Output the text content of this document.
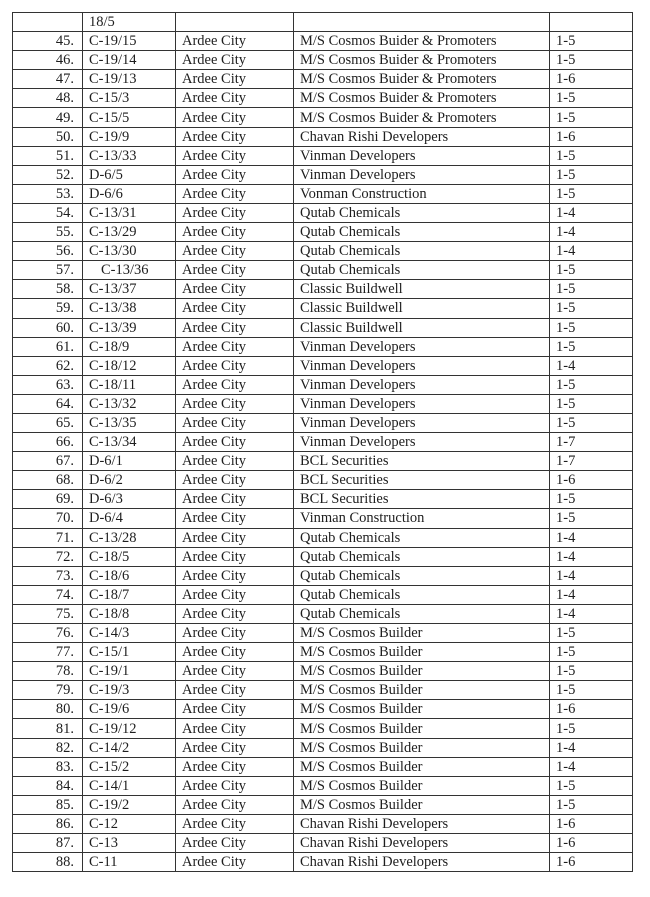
	18/5			
45.	C-19/15	Ardee City	M/S Cosmos Buider & Promoters	1-5
46.	C-19/14	Ardee City	M/S Cosmos Buider & Promoters	1-5
47.	C-19/13	Ardee City	M/S Cosmos Buider & Promoters	1-6
48.	C-15/3	Ardee City	M/S Cosmos Buider & Promoters	1-5
49.	C-15/5	Ardee City	M/S Cosmos Buider & Promoters	1-5
50.	C-19/9	Ardee City	Chavan Rishi Developers	1-6
51.	C-13/33	Ardee City	Vinman Developers	1-5
52.	D-6/5	Ardee City	Vinman Developers	1-5
53.	D-6/6	Ardee City	Vonman Construction	1-5
54.	C-13/31	Ardee City	Qutab Chemicals	1-4
55.	C-13/29	Ardee City	Qutab Chemicals	1-4
56.	C-13/30	Ardee City	Qutab Chemicals	1-4
57.	C-13/36	Ardee City	Qutab Chemicals	1-5
58.	C-13/37	Ardee City	Classic Buildwell	1-5
59.	C-13/38	Ardee City	Classic Buildwell	1-5
60.	C-13/39	Ardee City	Classic Buildwell	1-5
61.	C-18/9	Ardee City	Vinman Developers	1-5
62.	C-18/12	Ardee City	Vinman Developers	1-4
63.	C-18/11	Ardee City	Vinman Developers	1-5
64.	C-13/32	Ardee City	Vinman Developers	1-5
65.	C-13/35	Ardee City	Vinman Developers	1-5
66.	C-13/34	Ardee City	Vinman Developers	1-7
67.	D-6/1	Ardee City	BCL Securities	1-7
68.	D-6/2	Ardee City	BCL Securities	1-6
69.	D-6/3	Ardee City	BCL Securities	1-5
70.	D-6/4	Ardee City	Vinman Construction	1-5
71.	C-13/28	Ardee City	Qutab Chemicals	1-4
72.	C-18/5	Ardee City	Qutab Chemicals	1-4
73.	C-18/6	Ardee City	Qutab Chemicals	1-4
74.	C-18/7	Ardee City	Qutab Chemicals	1-4
75.	C-18/8	Ardee City	Qutab Chemicals	1-4
76.	C-14/3	Ardee City	M/S Cosmos Builder	1-5
77.	C-15/1	Ardee City	M/S Cosmos Builder	1-5
78.	C-19/1	Ardee City	M/S Cosmos Builder	1-5
79.	C-19/3	Ardee City	M/S Cosmos Builder	1-5
80.	C-19/6	Ardee City	M/S Cosmos Builder	1-6
81.	C-19/12	Ardee City	M/S Cosmos Builder	1-5
82.	C-14/2	Ardee City	M/S Cosmos Builder	1-4
83.	C-15/2	Ardee City	M/S Cosmos Builder	1-4
84.	C-14/1	Ardee City	M/S Cosmos Builder	1-5
85.	C-19/2	Ardee City	M/S Cosmos Builder	1-5
86.	C-12	Ardee City	Chavan Rishi Developers	1-6
87.	C-13	Ardee City	Chavan Rishi Developers	1-6
88.	C-11	Ardee City	Chavan Rishi Developers	1-6
